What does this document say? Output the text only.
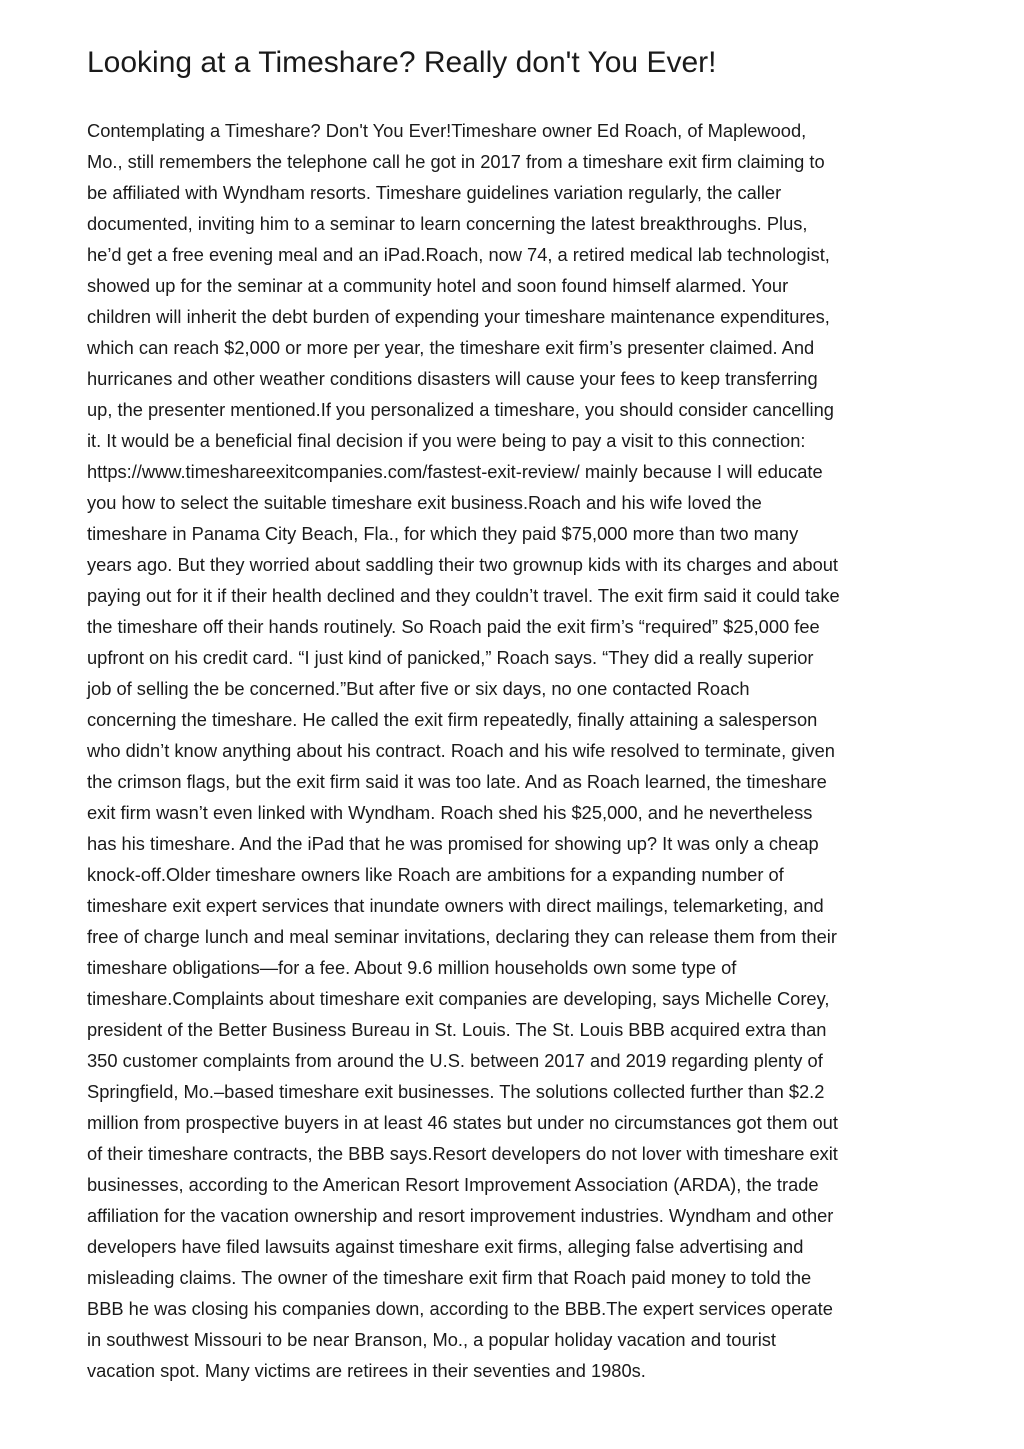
Looking at a Timeshare? Really don't You Ever!
Contemplating a Timeshare? Don't You Ever!Timeshare owner Ed Roach, of Maplewood,
Mo., still remembers the telephone call he got in 2017 from a timeshare exit firm claiming to
be affiliated with Wyndham resorts. Timeshare guidelines variation regularly, the caller
documented, inviting him to a seminar to learn concerning the latest breakthroughs. Plus,
he’d get a free evening meal and an iPad.Roach, now 74, a retired medical lab technologist,
showed up for the seminar at a community hotel and soon found himself alarmed. Your
children will inherit the debt burden of expending your timeshare maintenance expenditures,
which can reach $2,000 or more per year, the timeshare exit firm’s presenter claimed. And
hurricanes and other weather conditions disasters will cause your fees to keep transferring
up, the presenter mentioned.If you personalized a timeshare, you should consider cancelling
it. It would be a beneficial final decision if you were being to pay a visit to this connection:
https://www.timeshareexitcompanies.com/fastest-exit-review/ mainly because I will educate
you how to select the suitable timeshare exit business.Roach and his wife loved the
timeshare in Panama City Beach, Fla., for which they paid $75,000 more than two many
years ago. But they worried about saddling their two grownup kids with its charges and about
paying out for it if their health declined and they couldn’t travel. The exit firm said it could take
the timeshare off their hands routinely. So Roach paid the exit firm’s “required” $25,000 fee
upfront on his credit card. “I just kind of panicked,” Roach says. “They did a really superior
job of selling the be concerned.”But after five or six days, no one contacted Roach
concerning the timeshare. He called the exit firm repeatedly, finally attaining a salesperson
who didn’t know anything about his contract. Roach and his wife resolved to terminate, given
the crimson flags, but the exit firm said it was too late. And as Roach learned, the timeshare
exit firm wasn’t even linked with Wyndham. Roach shed his $25,000, and he nevertheless
has his timeshare. And the iPad that he was promised for showing up? It was only a cheap
knock-off.Older timeshare owners like Roach are ambitions for a expanding number of
timeshare exit expert services that inundate owners with direct mailings, telemarketing, and
free of charge lunch and meal seminar invitations, declaring they can release them from their
timeshare obligations—for a fee. About 9.6 million households own some type of
timeshare.Complaints about timeshare exit companies are developing, says Michelle Corey,
president of the Better Business Bureau in St. Louis. The St. Louis BBB acquired extra than
350 customer complaints from around the U.S. between 2017 and 2019 regarding plenty of
Springfield, Mo.–based timeshare exit businesses. The solutions collected further than $2.2
million from prospective buyers in at least 46 states but under no circumstances got them out
of their timeshare contracts, the BBB says.Resort developers do not lover with timeshare exit
businesses, according to the American Resort Improvement Association (ARDA), the trade
affiliation for the vacation ownership and resort improvement industries. Wyndham and other
developers have filed lawsuits against timeshare exit firms, alleging false advertising and
misleading claims. The owner of the timeshare exit firm that Roach paid money to told the
BBB he was closing his companies down, according to the BBB.The expert services operate
in southwest Missouri to be near Branson, Mo., a popular holiday vacation and tourist
vacation spot. Many victims are retirees in their seventies and 1980s.
